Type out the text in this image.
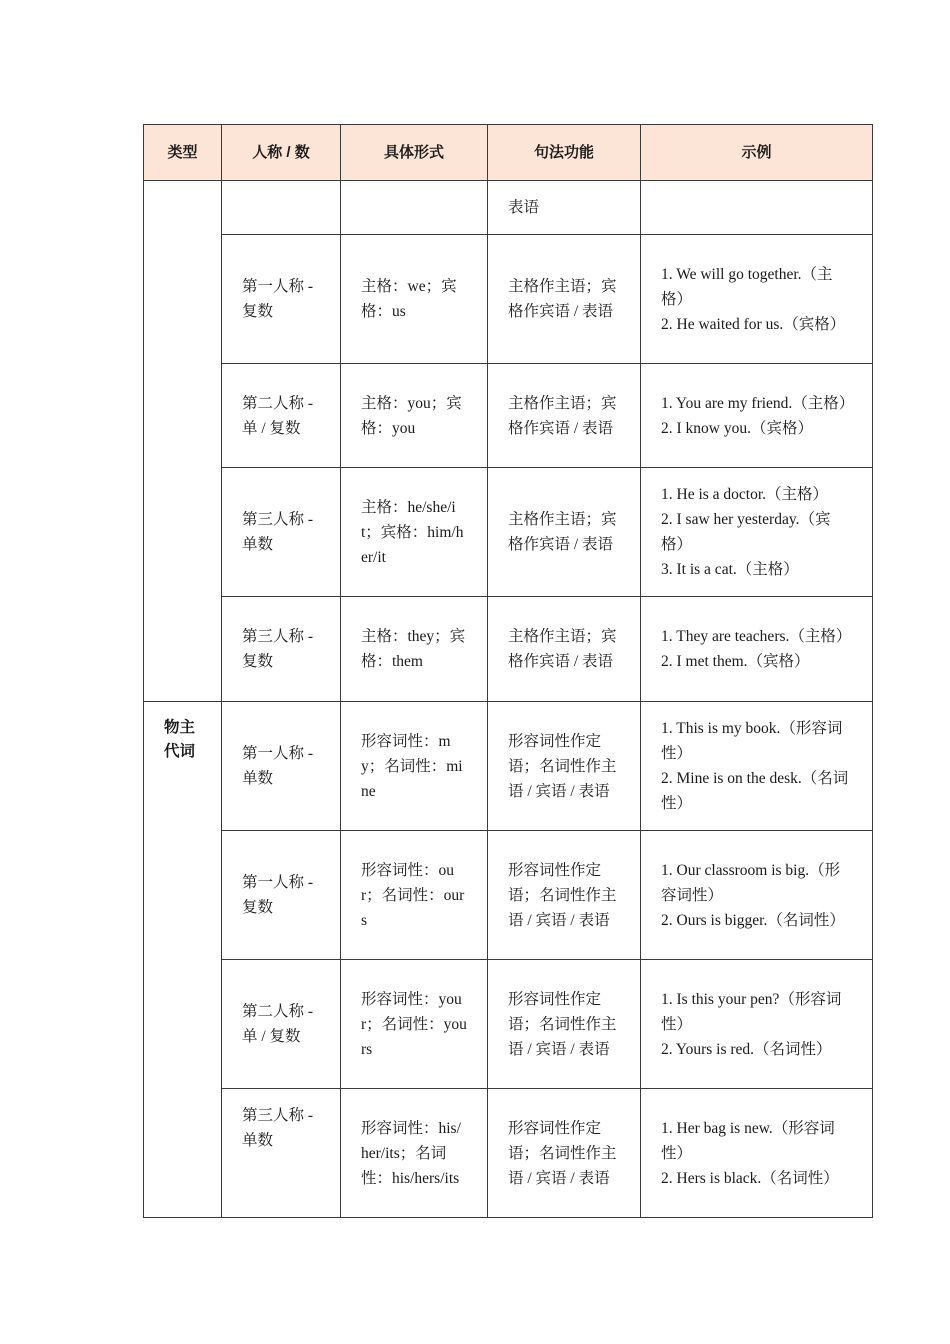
类型	人称 / 数	具体形式	句法功能	示例
			表语	
	第一人称 - 复数	主格：we；宾格：us	主格作主语；宾格作宾语 / 表语	1. We will go together.（主格）
2. He waited for us.（宾格）

	第二人称 - 单 / 复数	主格：you；宾格：you	主格作主语；宾格作宾语 / 表语	1. You are my friend.（主格）
2. I know you.（宾格）

	第三人称 - 单数	主格：he/she/it；宾格：him/her/it	主格作主语；宾格作宾语 / 表语	1. He is a doctor.（主格）
2. I saw her yesterday.（宾格）
3. It is a cat.（主格）

	第三人称 - 复数	主格：they；宾格：them	主格作主语；宾格作宾语 / 表语	1. They are teachers.（主格）
2. I met them.（宾格）

物主代词	第一人称 - 单数	形容词性：my；名词性：mine	形容词性作定语；名词性作主语 / 宾语 / 表语	1. This is my book.（形容词性）
2. Mine is on the desk.（名词性）

	第一人称 - 复数	形容词性：our；名词性：ours	形容词性作定语；名词性作主语 / 宾语 / 表语	1. Our classroom is big.（形容词性）
2. Ours is bigger.（名词性）

	第二人称 - 单 / 复数	形容词性：your；名词性：yours	形容词性作定语；名词性作主语 / 宾语 / 表语	1. Is this your pen?（形容词性）
2. Yours is red.（名词性）

	第三人称 - 单数	形容词性：his/her/its；名词性：his/hers/its	形容词性作定语；名词性作主语 / 宾语 / 表语	1. Her bag is new.（形容词性）
2. Hers is black.（名词性）
